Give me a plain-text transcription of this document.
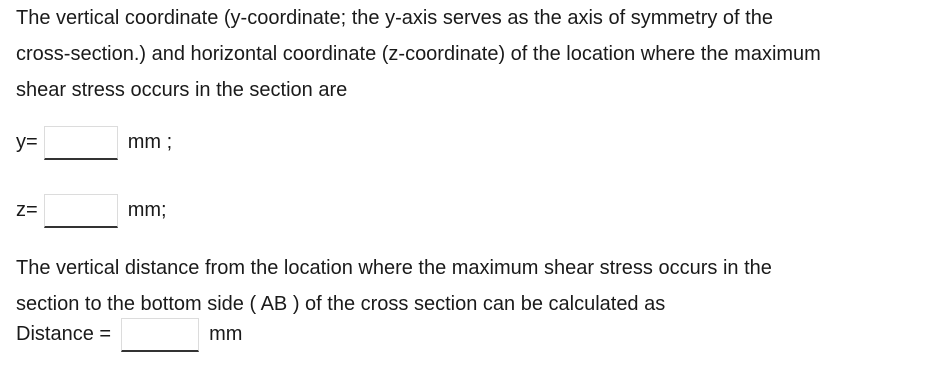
The vertical coordinate (y-coordinate; the y-axis serves as the axis of symmetry of the
cross-section.) and horizontal coordinate (z-coordinate) of the location where the maximum
shear stress occurs in the section are
y=	mm ;
z=	mm;
The vertical distance from the location where the maximum shear stress occurs in the
section to the bottom side ( AB ) of the cross section can be calculated as
Distance =	mm
